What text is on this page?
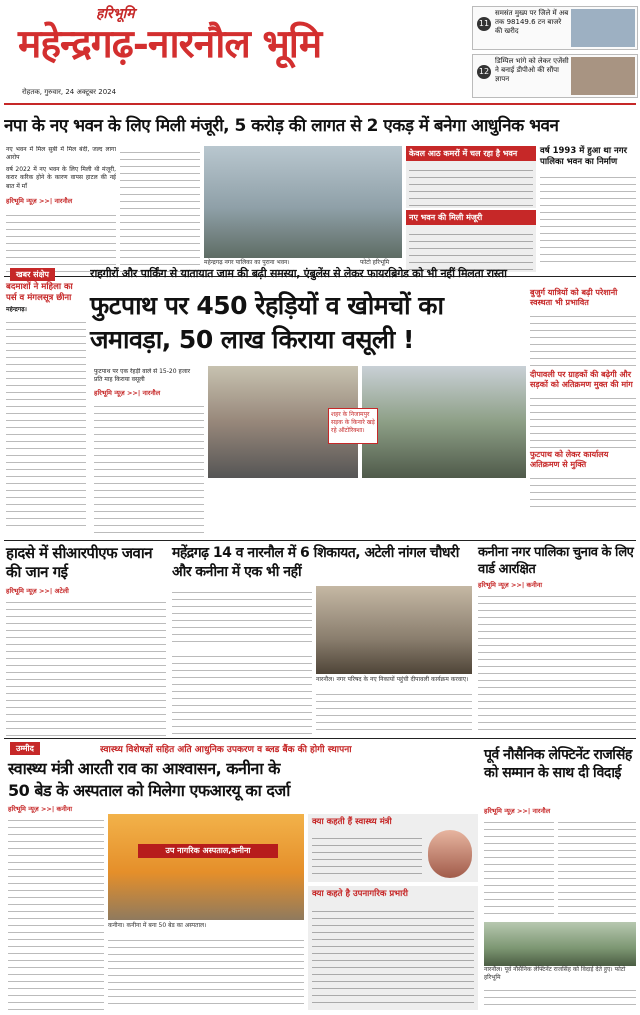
हरिभूमि
महेन्द्रगढ़-नारनौल भूमि
रोहतक, गुरुवार, 24 अक्टूबर 2024
11
समसंत मुख्य पर जिले में अब तक 98149.6 टन बाजरे की खरीद
12
डिम्पिल भांगे को लेकर एजेंसी ने बनाई डीपीओ की सौंपा ज्ञापन
नपा के नए भवन के लिए मिली मंजूरी, 5 करोड़ की लागत से 2 एकड़ में बनेगा आधुनिक भवन
नए भवन में मिल सुबी में मिल बंदी, जल्द लागा आरोप
वर्ष 2022 में नए भवन के लिए मिली थी मंजूरी, करार करिक होने के कारण वापस हाटल की नई बात में माँ
हरिभूमि न्यूज़ >>| नारनौल
महेन्द्रगढ़ नगर पालिका का पुराना भवन।	फोटो हरिभूमि
केवल आठ कमरों में चल रहा है भवन
नए भवन की मिली मंजूरी
वर्ष 1993 में हुआ था नगर पालिका भवन का निर्माण
खबर संक्षेप
बदमाशों ने महिला का पर्स व मंगलसूत्र छीना
महेन्द्रगढ़।
राहगीरों और पार्किंग से यातायात जाम की बढ़ी समस्या, एंबुलेंस से लेकर फायरब्रिगेड को भी नहीं मिलता रास्ता
फुटपाथ पर 450 रेहड़ियों व खोमचों का
जमावड़ा, 50 लाख किराया वसूली !
फुटपाथ पर एक रेहड़ी वाले से 15-20 हजार
प्रति माह किराया वसूली
हरिभूमि न्यूज़ >>| नारनौल
शहर के निजामपुर सड़क के किनारे खड़े रहे ऑटोरिक्शा।
बुजुर्ग यात्रियों को बढ़ी परेशानी स्वस्थता भी प्रभावित
दीपावली पर ग्राहकों की बढ़ेगी और सड़कों को अतिक्रमण मुक्त की मांग
फुटपाथ को लेकर कार्यालय अतिक्रमण से मुक्ति
हादसे में सीआरपीएफ जवान की जान गई
हरिभूमि न्यूज़ >>| अटेली
महेंद्रगढ़ 14 व नारनौल में 6 शिकायत, अटेली नांगल चौधरी और कनीना में एक भी नहीं
नारनौल। नगर परिषद के नए निकायों पहुंची दीपावली कार्यक्रम करवाए।
कनीना नगर पालिका चुनाव के लिए वार्ड आरक्षित
हरिभूमि न्यूज़ >>| कनीना
उम्मीद	स्वास्थ्य विशेषज्ञों सहित अति आधुनिक उपकरण व ब्लड बैंक की होगी स्थापना
स्वास्थ्य मंत्री आरती राव का आश्वासन, कनीना के
50 बेड के अस्पताल को मिलेगा एफआरयू का दर्जा
हरिभूमि न्यूज़ >>| कनीना
उप नागरिक अस्पताल,कनीना
कनीना। कनीना में बना 50 बेड का अस्पताल।
क्या कहती हैं स्वास्थ्य मंत्री
क्या कहते है उपनागरिक प्रभारी
पूर्व नौसैनिक लेफ्टिनेंट राजसिंह को सम्मान के साथ दी विदाई
हरिभूमि न्यूज़ >>| नारनौल
नारनौल। पूर्व नौसैनिक लेफ्टिनेंट राजसिंह को विदाई देते हुए। फोटो हरिभूमि
